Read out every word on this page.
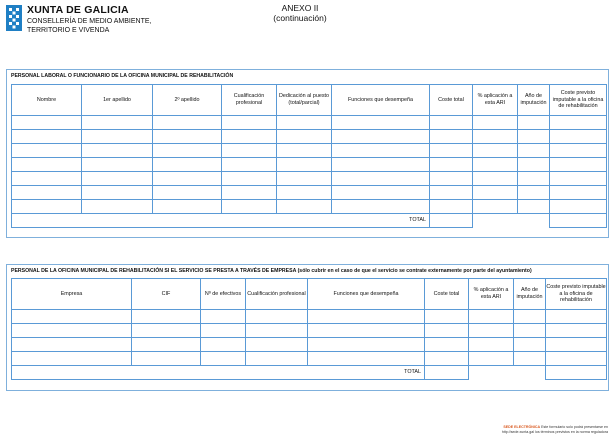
XUNTA DE GALICIA
CONSELLERÍA DE MEDIO AMBIENTE,
TERRITORIO E VIVENDA
ANEXO II
(continuación)
PERSONAL LABORAL O FUNCIONARIO DE LA OFICINA MUNICIPAL DE REHABILITACIÓN
Nombre	1er apellido	2º apellido	Cualificación profesional	Dedicación al puesto (total/parcial)	Funciones que desempeña	Coste total	% aplicación a esta ARI	Año de imputación	Coste previsto imputable a la oficina de rehabilitación

TOTAL									
PERSONAL DE LA OFICINA MUNICIPAL DE REHABILITACIÓN SI EL SERVICIO SE PRESTA A TRAVÉS DE EMPRESA (sólo cubrir en el caso de que el servicio se contrate externamente por parte del ayuntamiento)
Empresa	CIF	Nº de efectivos	Cualificación profesional	Funciones que desempeña	Coste total	% aplicación a esta ARI	Año de imputación	Coste previsto imputable a la oficina de rehabilitación

TOTAL								
SEDE ELECTRÓNICA Este formulario solo podrá presentarse en
http://sede.xunta.gal los términos previstos en la norma reguladora
